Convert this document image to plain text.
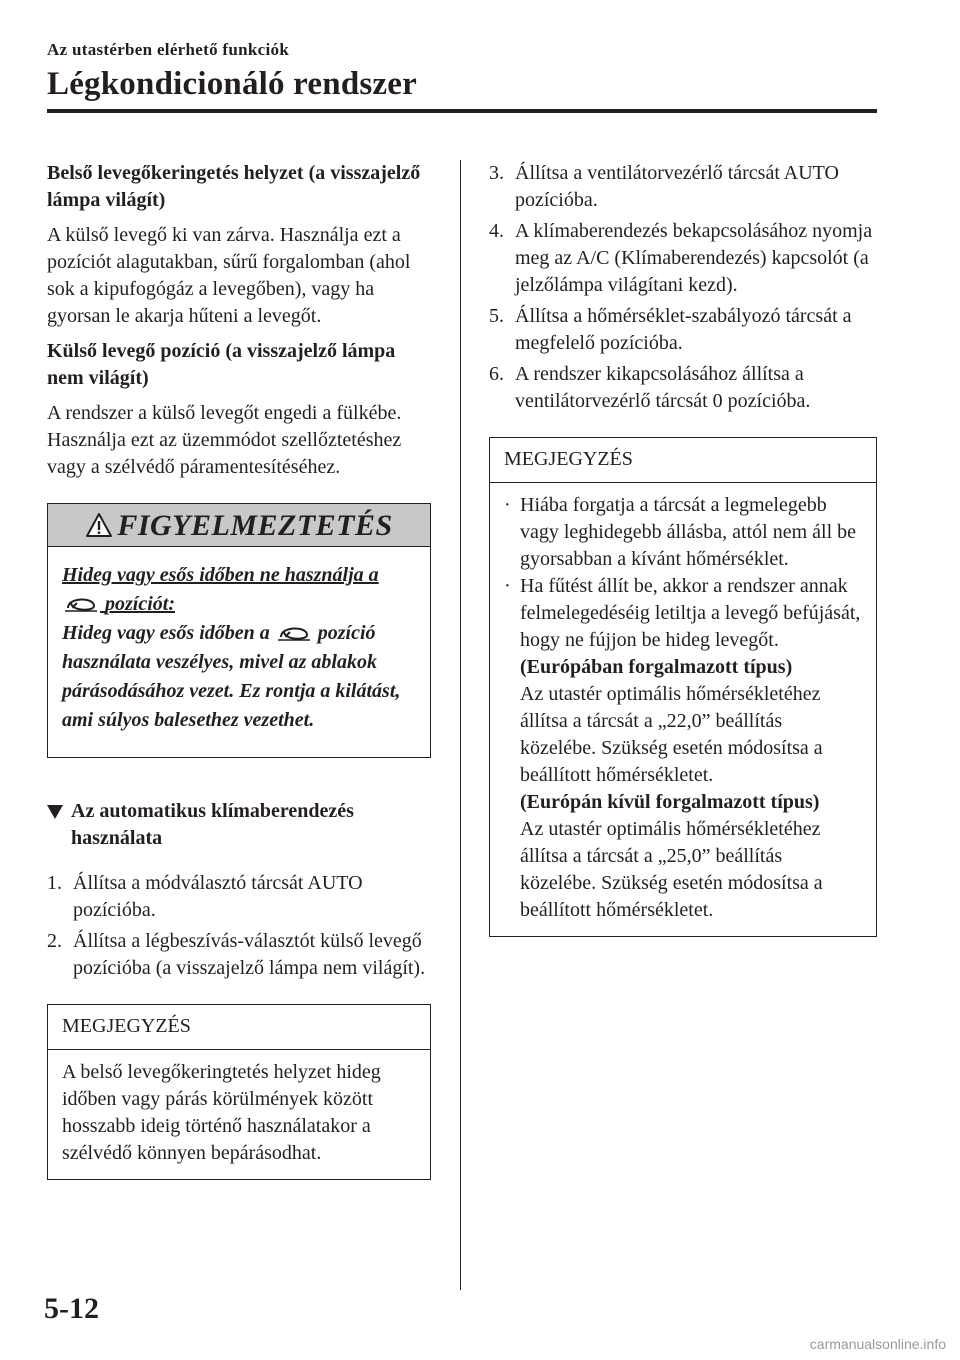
Az utastérben elérhető funkciók
Légkondicionáló rendszer

Belső levegőkeringetés helyzet (a visszajelző lámpa világít)

A külső levegő ki van zárva. Használja ezt a pozíciót alagutakban, sűrű forgalomban (ahol sok a kipufogógáz a levegőben), vagy ha gyorsan le akarja hűteni a levegőt.

Külső levegő pozíció (a visszajelző lámpa nem világít)

A rendszer a külső levegőt engedi a fülkébe. Használja ezt az üzemmódot szellőztetéshez vagy a szélvédő páramentesítéséhez.

FIGYELMEZTETÉS
Hideg vagy esős időben ne használja a  pozíciót:
Hideg vagy esős időben a pozíció használata veszélyes, mivel az ablakok párásodásához vezet. Ez rontja a kilátást, ami súlyos balesethez vezethet.
Az automatikus klímaberendezés használata
1. Állítsa a módválasztó tárcsát AUTO pozícióba.
2. Állítsa a légbeszívás-választót külső levegő pozícióba (a visszajelző lámpa nem világít).
MEGJEGYZÉS
A belső levegőkeringtetés helyzet hideg időben vagy párás körülmények között hosszabb ideig történő használatakor a szélvédő könnyen bepárásodhat.
3. Állítsa a ventilátorvezérlő tárcsát AUTO pozícióba.
4. A klímaberendezés bekapcsolásához nyomja meg az A/C (Klímaberendezés) kapcsolót (a jelzőlámpa világítani kezd).
5. Állítsa a hőmérséklet-szabályozó tárcsát a megfelelő pozícióba.
6. A rendszer kikapcsolásához állítsa a ventilátorvezérlő tárcsát 0 pozícióba.
MEGJEGYZÉS
· Hiába forgatja a tárcsát a legmelegebb vagy leghidegebb állásba, attól nem áll be gyorsabban a kívánt hőmérséklet.
· Ha fűtést állít be, akkor a rendszer annak felmelegedéséig letiltja a levegő befújását, hogy ne fújjon be hideg levegőt.
(Európában forgalmazott típus)
Az utastér optimális hőmérsékletéhez állítsa a tárcsát a „22,0” beállítás közelébe. Szükség esetén módosítsa a beállított hőmérsékletet.
(Európán kívül forgalmazott típus)
Az utastér optimális hőmérsékletéhez állítsa a tárcsát a „25,0” beállítás közelébe. Szükség esetén módosítsa a beállított hőmérsékletet.
5-12
carmanualsonline.info
